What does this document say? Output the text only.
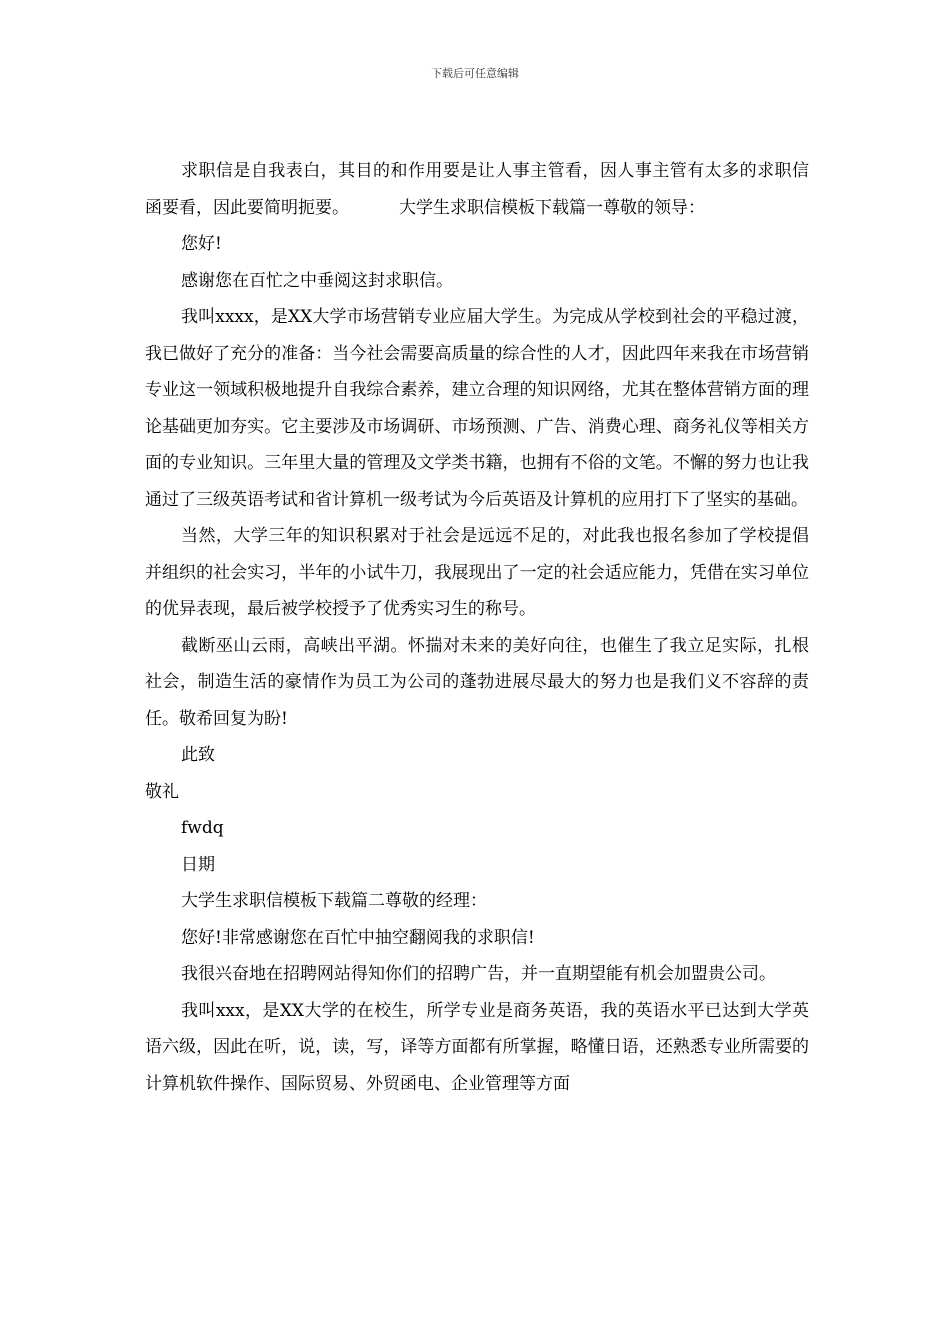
下载后可任意编辑

求职信是自我表白，其目的和作用要是让人事主管看，因人事主管有太多的求职信函要看，因此要简明扼要。	大学生求职信模板下载篇一尊敬的领导：

您好!

感谢您在百忙之中垂阅这封求职信。

我叫xxxx，是XX大学市场营销专业应届大学生。为完成从学校到社会的平稳过渡，我已做好了充分的准备：当今社会需要高质量的综合性的人才，因此四年来我在市场营销专业这一领域积极地提升自我综合素养，建立合理的知识网络，尤其在整体营销方面的理论基础更加夯实。它主要涉及市场调研、市场预测、广告、消费心理、商务礼仪等相关方面的专业知识。三年里大量的管理及文学类书籍，也拥有不俗的文笔。不懈的努力也让我通过了三级英语考试和省计算机一级考试为今后英语及计算机的应用打下了坚实的基础。

当然，大学三年的知识积累对于社会是远远不足的，对此我也报名参加了学校提倡并组织的社会实习，半年的小试牛刀，我展现出了一定的社会适应能力，凭借在实习单位的优异表现，最后被学校授予了优秀实习生的称号。

截断巫山云雨，高峡出平湖。怀揣对未来的美好向往，也催生了我立足实际，扎根社会，制造生活的豪情作为员工为公司的蓬勃进展尽最大的努力也是我们义不容辞的责任。敬希回复为盼!

此致

敬礼

fwdq

日期

大学生求职信模板下载篇二尊敬的经理：

您好!非常感谢您在百忙中抽空翻阅我的求职信!

我很兴奋地在招聘网站得知你们的招聘广告，并一直期望能有机会加盟贵公司。

我叫xxx，是XX大学的在校生，所学专业是商务英语，我的英语水平已达到大学英语六级，因此在听，说，读，写，译等方面都有所掌握，略懂日语，还熟悉专业所需要的计算机软件操作、国际贸易、外贸函电、企业管理等方面
